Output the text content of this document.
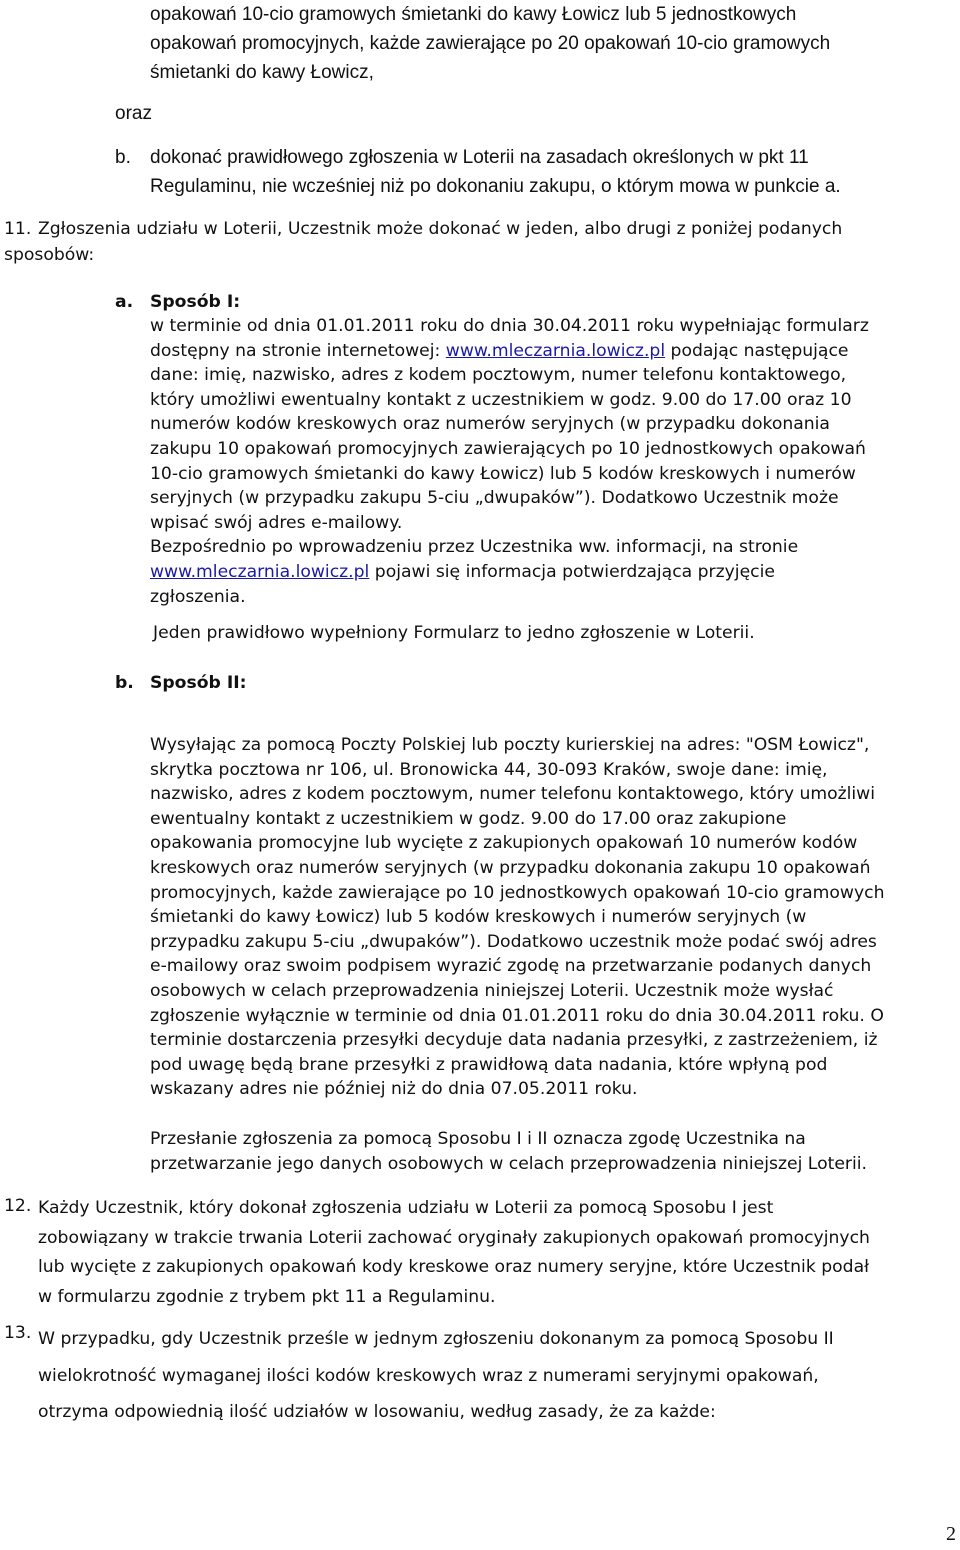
opakowań 10-cio gramowych śmietanki do kawy Łowicz lub 5 jednostkowych
opakowań promocyjnych, każde zawierające po 20 opakowań 10-cio gramowych
śmietanki do kawy Łowicz,
oraz
b. dokonać prawidłowego zgłoszenia w Loterii na zasadach określonych w pkt 11
Regulaminu, nie wcześniej niż po dokonaniu zakupu, o którym mowa w punkcie a.
11. Zgłoszenia udziału w Loterii, Uczestnik może dokonać w jeden, albo drugi z poniżej podanych
sposobów:
a. Sposób I:
w terminie od dnia 01.01.2011 roku do dnia 30.04.2011 roku wypełniając formularz
dostępny na stronie internetowej: www.mleczarnia.lowicz.pl podając następujące
dane: imię, nazwisko, adres z kodem pocztowym, numer telefonu kontaktowego,
który umożliwi ewentualny kontakt z uczestnikiem w godz. 9.00 do 17.00 oraz 10
numerów kodów kreskowych oraz numerów seryjnych (w przypadku dokonania
zakupu 10 opakowań promocyjnych zawierających po 10 jednostkowych opakowań
10-cio gramowych śmietanki do kawy Łowicz) lub 5 kodów kreskowych i numerów
seryjnych (w przypadku zakupu 5-ciu „dwupaków”). Dodatkowo Uczestnik może
wpisać swój adres e-mailowy.
Bezpośrednio po wprowadzeniu przez Uczestnika ww. informacji, na stronie
www.mleczarnia.lowicz.pl pojawi się informacja potwierdzająca przyjęcie
zgłoszenia.
Jeden prawidłowo wypełniony Formularz to jedno zgłoszenie w Loterii.
b. Sposób II:
Wysyłając za pomocą Poczty Polskiej lub poczty kurierskiej na adres: "OSM Łowicz",
skrytka pocztowa nr 106, ul. Bronowicka 44, 30-093 Kraków, swoje dane: imię,
nazwisko, adres z kodem pocztowym, numer telefonu kontaktowego, który umożliwi
ewentualny kontakt z uczestnikiem w godz. 9.00 do 17.00 oraz zakupione
opakowania promocyjne lub wycięte z zakupionych opakowań 10 numerów kodów
kreskowych oraz numerów seryjnych (w przypadku dokonania zakupu 10 opakowań
promocyjnych, każde zawierające po 10 jednostkowych opakowań 10-cio gramowych
śmietanki do kawy Łowicz) lub 5 kodów kreskowych i numerów seryjnych (w
przypadku zakupu 5-ciu „dwupaków”). Dodatkowo uczestnik może podać swój adres
e-mailowy oraz swoim podpisem wyrazić zgodę na przetwarzanie podanych danych
osobowych w celach przeprowadzenia niniejszej Loterii. Uczestnik może wysłać
zgłoszenie wyłącznie w terminie od dnia 01.01.2011 roku do dnia 30.04.2011 roku. O
terminie dostarczenia przesyłki decyduje data nadania przesyłki, z zastrzeżeniem, iż
pod uwagę będą brane przesyłki z prawidłową data nadania, które wpłyną pod
wskazany adres nie później niż do dnia 07.05.2011 roku.
Przesłanie zgłoszenia za pomocą Sposobu I i II oznacza zgodę Uczestnika na
przetwarzanie jego danych osobowych w celach przeprowadzenia niniejszej Loterii.
12. Każdy Uczestnik, który dokonał zgłoszenia udziału w Loterii za pomocą Sposobu I jest
zobowiązany w trakcie trwania Loterii zachować oryginały zakupionych opakowań promocyjnych
lub wycięte z zakupionych opakowań kody kreskowe oraz numery seryjne, które Uczestnik podał
w formularzu zgodnie z trybem pkt 11 a Regulaminu.
13. W przypadku, gdy Uczestnik prześle w jednym zgłoszeniu dokonanym za pomocą Sposobu II
wielokrotność wymaganej ilości kodów kreskowych wraz z numerami seryjnymi opakowań,
otrzyma odpowiednią ilość udziałów w losowaniu, według zasady, że za każde:
2
